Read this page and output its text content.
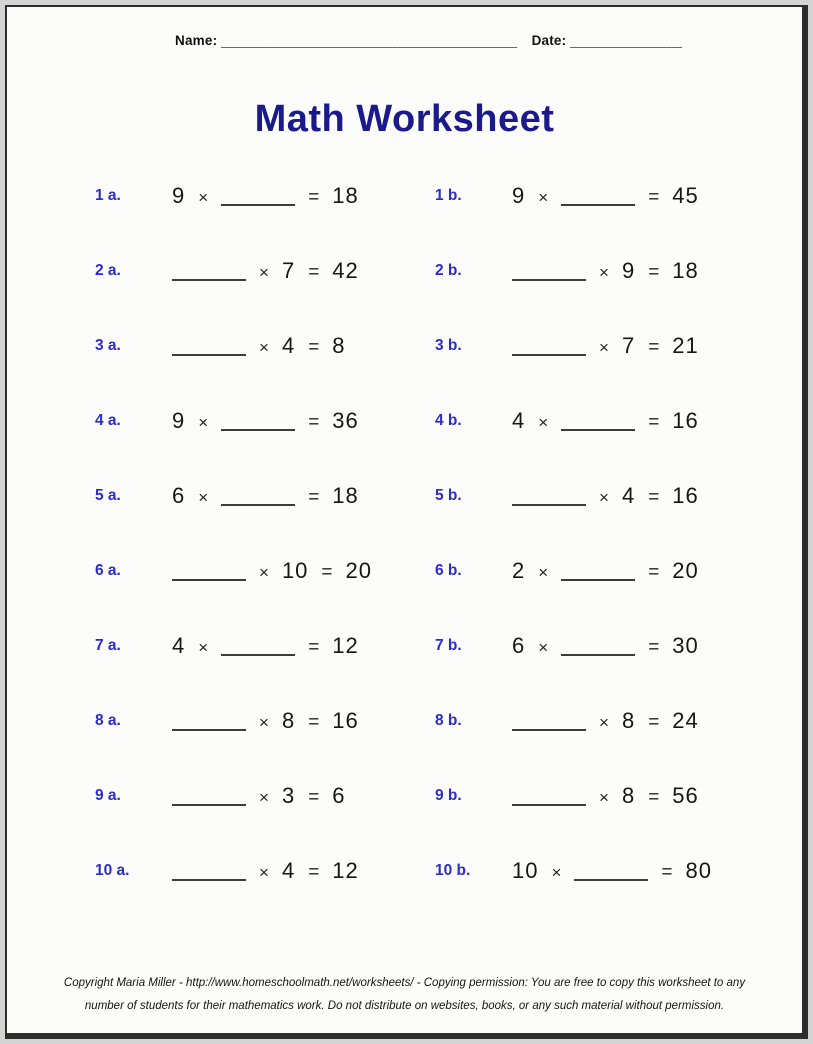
Name: _____________________________________ Date: ______________
Math Worksheet
1 a.	9 ×	= 18	1 b.	9 ×	= 45
2 a.	× 7 = 42	2 b.	× 9 = 18
3 a.	× 4 = 8	3 b.	× 7 = 21
4 a.	9 ×	= 36	4 b.	4 ×	= 16
5 a.	6 ×	= 18	5 b.	× 4 = 16
6 a.	× 10 = 20	6 b.	2 ×	= 20
7 a.	4 ×	= 12	7 b.	6 ×	= 30
8 a.	× 8 = 16	8 b.	× 8 = 24
9 a.	× 3 = 6	9 b.	× 8 = 56
10 a.	× 4 = 12	10 b.	10 ×	= 80
Copyright Maria Miller - http://www.homeschoolmath.net/worksheets/ - Copying permission: You are free to copy this worksheet to any
number of students for their mathematics work. Do not distribute on websites, books, or any such material without permission.
